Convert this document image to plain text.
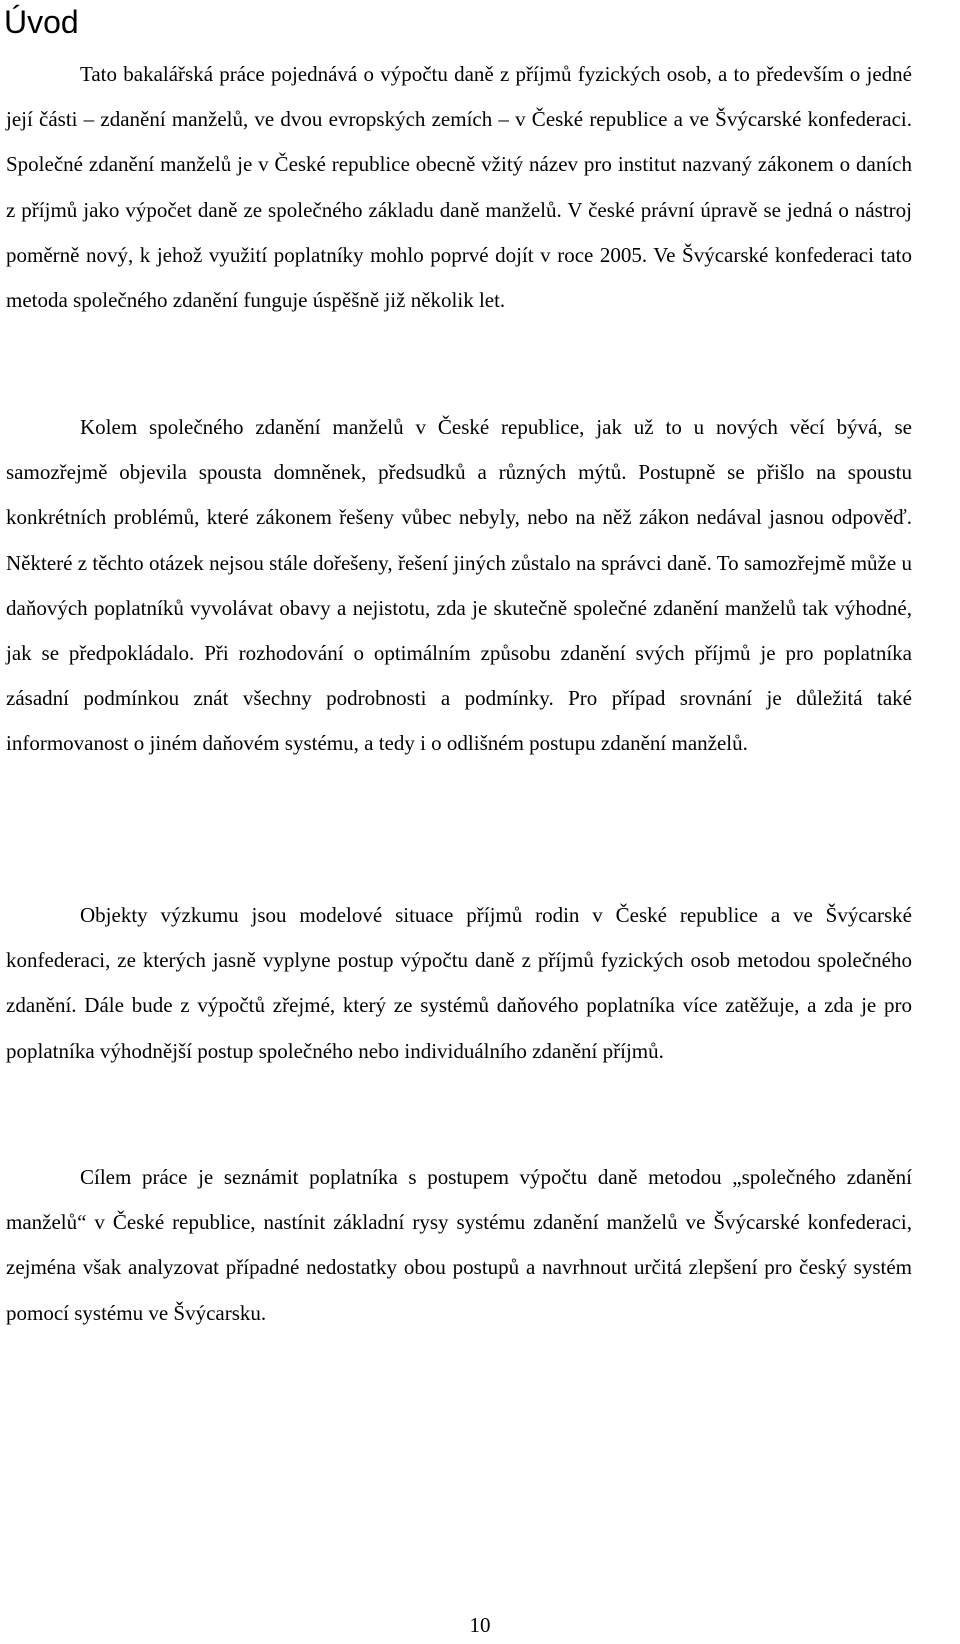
Úvod

Tato bakalářská práce pojednává o výpočtu daně z příjmů fyzických osob, a to především o jedné její části – zdanění manželů, ve dvou evropských zemích – v České republice a ve Švýcarské konfederaci. Společné zdanění manželů je v České republice obecně vžitý název pro institut nazvaný zákonem o daních z příjmů jako výpočet daně ze společného základu daně manželů. V české právní úpravě se jedná o nástroj poměrně nový, k jehož využití poplatníky mohlo poprvé dojít v roce 2005. Ve Švýcarské konfederaci tato metoda společného zdanění funguje úspěšně již několik let.

Kolem společného zdanění manželů v České republice, jak už to u nových věcí bývá, se samozřejmě objevila spousta domněnek, předsudků a různých mýtů. Postupně se přišlo na spoustu konkrétních problémů, které zákonem řešeny vůbec nebyly, nebo na něž zákon nedával jasnou odpověď. Některé z těchto otázek nejsou stále dořešeny, řešení jiných zůstalo na správci daně. To samozřejmě může u daňových poplatníků vyvolávat obavy a nejistotu, zda je skutečně společné zdanění manželů tak výhodné, jak se předpokládalo. Při rozhodování o optimálním způsobu zdanění svých příjmů je pro poplatníka zásadní podmínkou znát všechny podrobnosti a podmínky. Pro případ srovnání je důležitá také informovanost o jiném daňovém systému, a tedy i o odlišném postupu zdanění manželů.

Objekty výzkumu jsou modelové situace příjmů rodin v České republice a ve Švýcarské konfederaci, ze kterých jasně vyplyne postup výpočtu daně z příjmů fyzických osob metodou společného zdanění. Dále bude z výpočtů zřejmé, který ze systémů daňového poplatníka více zatěžuje, a zda je pro poplatníka výhodnější postup společného nebo individuálního zdanění příjmů.

Cílem práce je seznámit poplatníka s postupem výpočtu daně metodou „společného zdanění manželů“ v České republice, nastínit základní rysy systému zdanění manželů ve Švýcarské konfederaci, zejména však analyzovat případné nedostatky obou postupů a navrhnout určitá zlepšení pro český systém pomocí systému ve Švýcarsku.

10
